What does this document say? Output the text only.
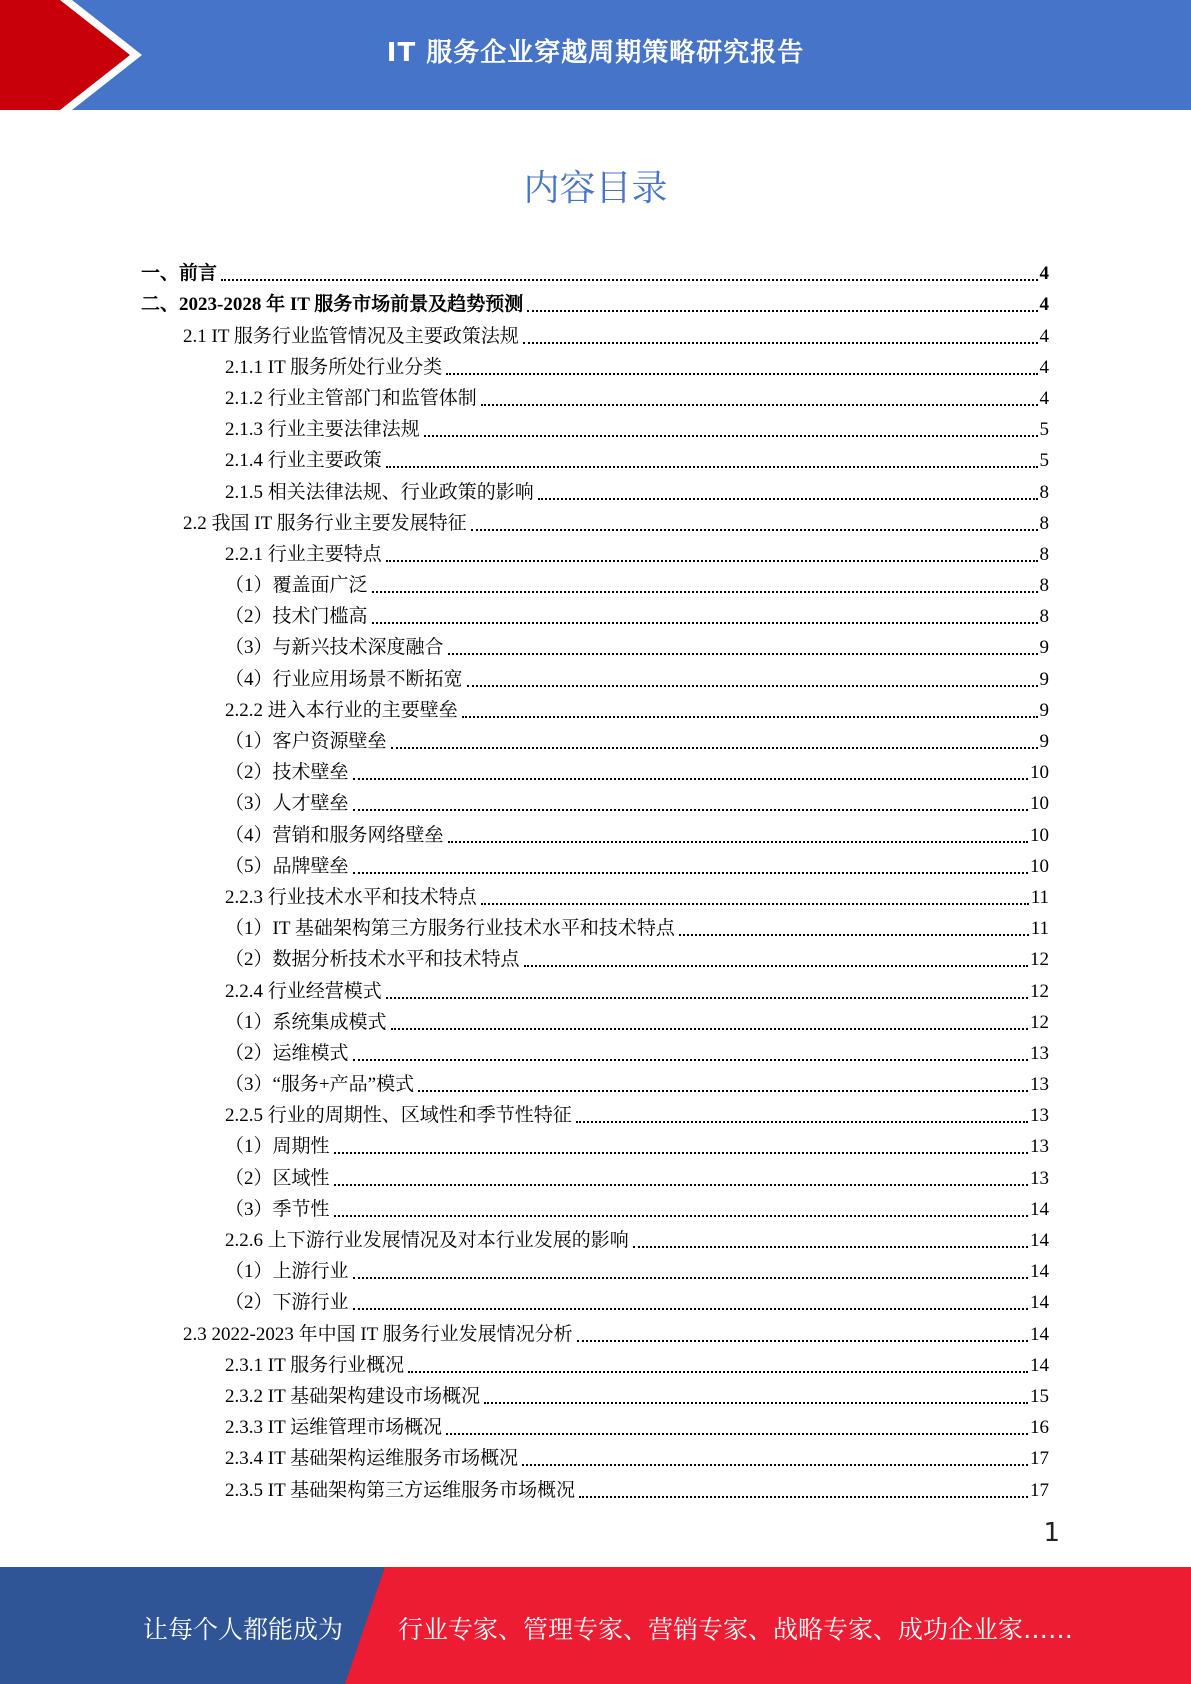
IT 服务企业穿越周期策略研究报告
内容目录
一、前言	4
二、2023-2028 年 IT 服务市场前景及趋势预测	4
2.1 IT 服务行业监管情况及主要政策法规	4
2.1.1 IT 服务所处行业分类	4
2.1.2 行业主管部门和监管体制	4
2.1.3 行业主要法律法规	5
2.1.4 行业主要政策	5
2.1.5 相关法律法规、行业政策的影响	8
2.2 我国 IT 服务行业主要发展特征	8
2.2.1 行业主要特点	8
（1）覆盖面广泛	8
（2）技术门槛高	8
（3）与新兴技术深度融合	9
（4）行业应用场景不断拓宽	9
2.2.2 进入本行业的主要壁垒	9
（1）客户资源壁垒	9
（2）技术壁垒	10
（3）人才壁垒	10
（4）营销和服务网络壁垒	10
（5）品牌壁垒	10
2.2.3 行业技术水平和技术特点	11
（1）IT 基础架构第三方服务行业技术水平和技术特点	11
（2）数据分析技术水平和技术特点	12
2.2.4 行业经营模式	12
（1）系统集成模式	12
（2）运维模式	13
（3）“服务+产品”模式	13
2.2.5 行业的周期性、区域性和季节性特征	13
（1）周期性	13
（2）区域性	13
（3）季节性	14
2.2.6 上下游行业发展情况及对本行业发展的影响	14
（1）上游行业	14
（2）下游行业	14
2.3 2022-2023 年中国 IT 服务行业发展情况分析	14
2.3.1 IT 服务行业概况	14
2.3.2 IT 基础架构建设市场概况	15
2.3.3 IT 运维管理市场概况	16
2.3.4 IT 基础架构运维服务市场概况	17
2.3.5 IT 基础架构第三方运维服务市场概况	17
1
让每个人都能成为 行业专家、管理专家、营销专家、战略专家、成功企业家……
